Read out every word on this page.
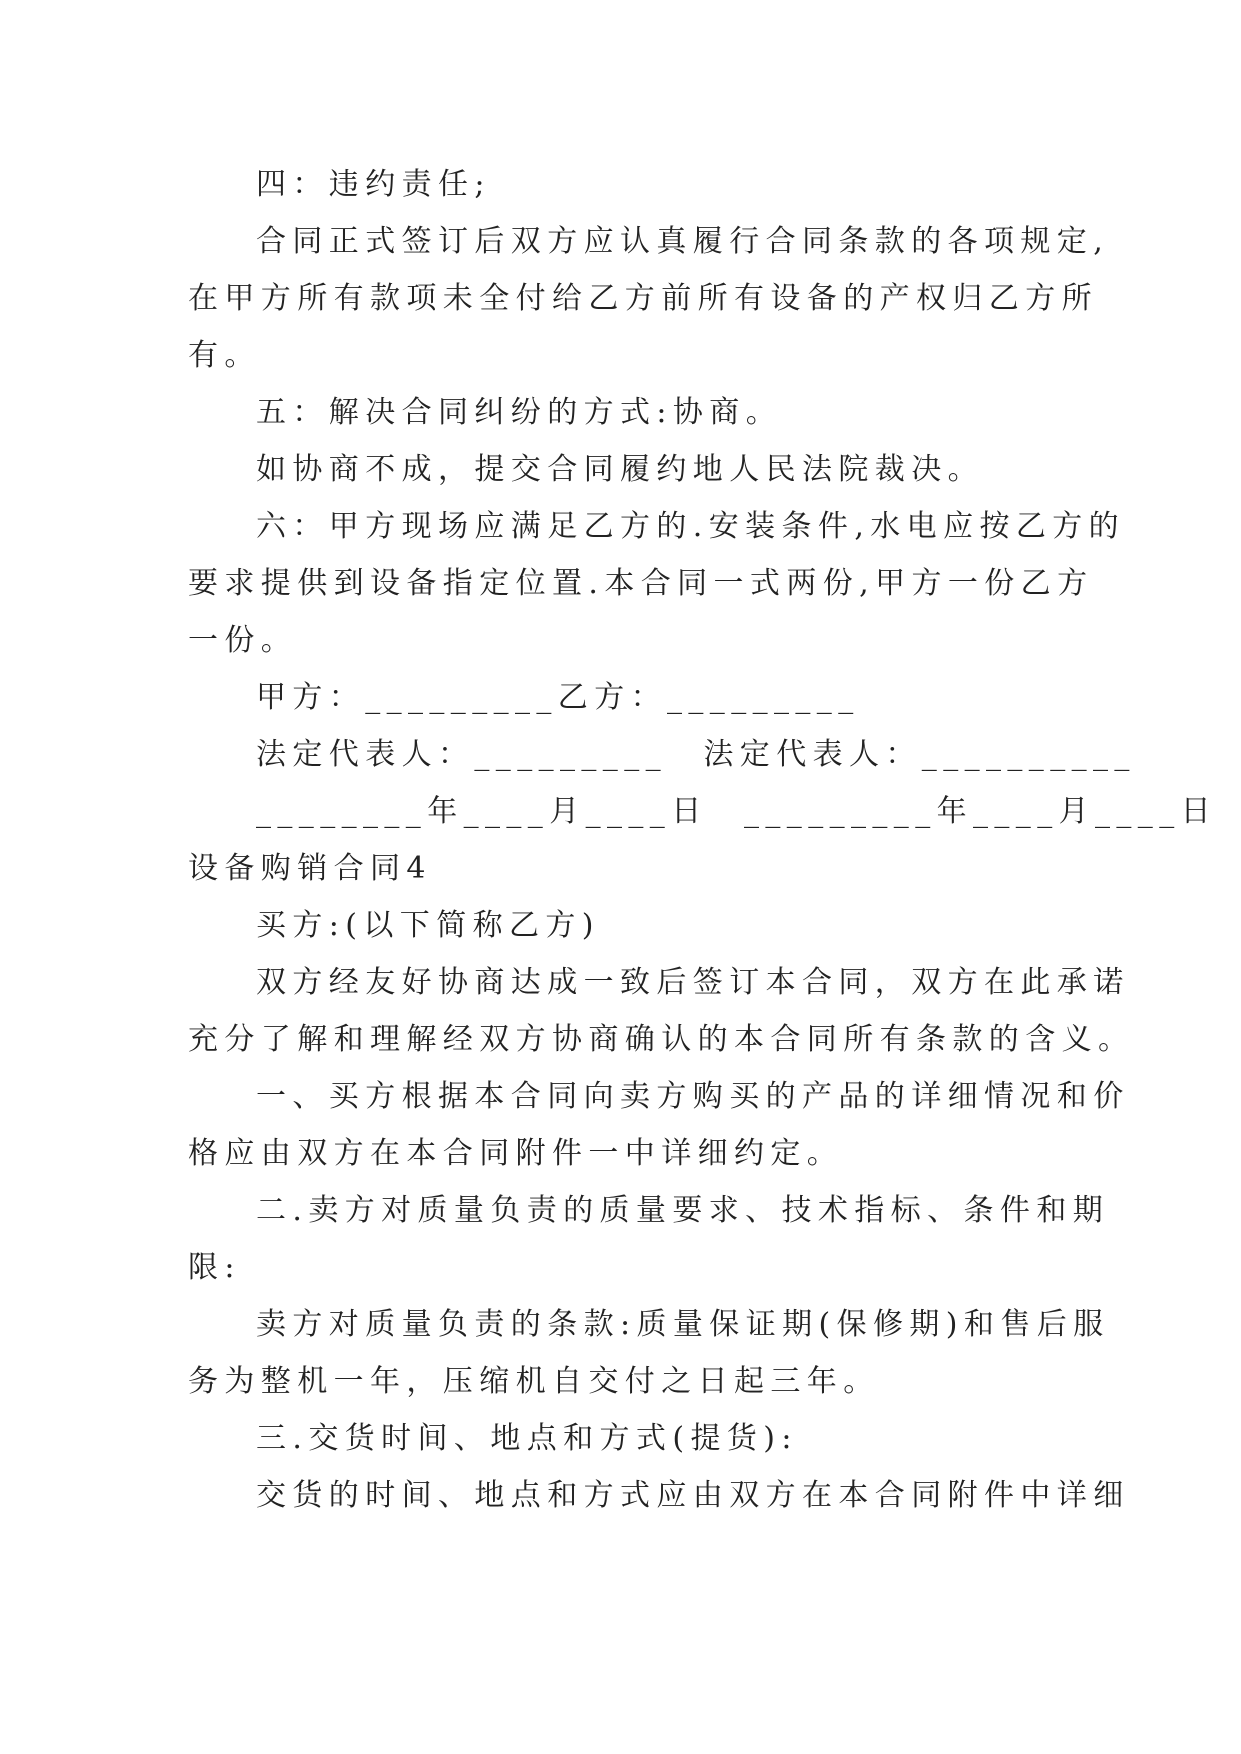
四：违约责任;
合同正式签订后双方应认真履行合同条款的各项规定,
在甲方所有款项未全付给乙方前所有设备的产权归乙方所
有。
五：解决合同纠纷的方式:协商。
如协商不成，提交合同履约地人民法院裁决。
六：甲方现场应满足乙方的.安装条件,水电应按乙方的
要求提供到设备指定位置.本合同一式两份,甲方一份乙方
一份。
甲方：_________乙方：_________
法定代表人：_________　法定代表人：__________
________年____月____日　_________年____月____日
设备购销合同4
买方:(以下简称乙方)
双方经友好协商达成一致后签订本合同，双方在此承诺
充分了解和理解经双方协商确认的本合同所有条款的含义。
一、买方根据本合同向卖方购买的产品的详细情况和价
格应由双方在本合同附件一中详细约定。
二.卖方对质量负责的质量要求、技术指标、条件和期
限:
卖方对质量负责的条款:质量保证期(保修期)和售后服
务为整机一年，压缩机自交付之日起三年。
三.交货时间、地点和方式(提货):
交货的时间、地点和方式应由双方在本合同附件中详细
